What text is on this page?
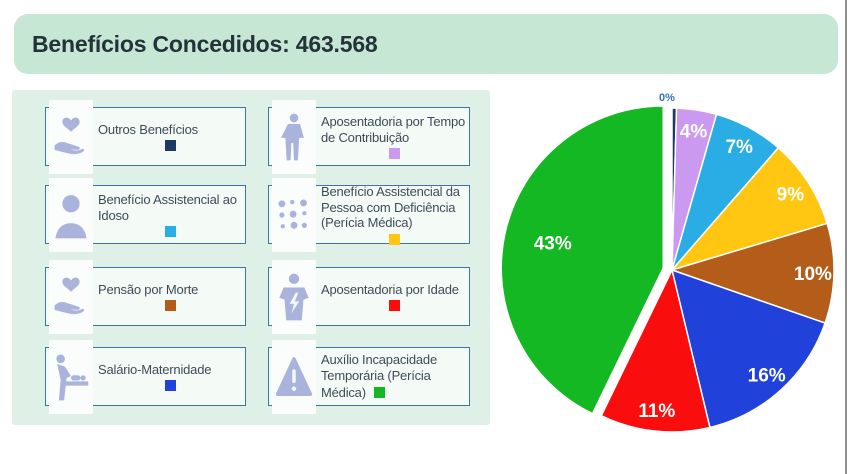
Benefícios Concedidos: 463.568
Outros Benefícios
Aposentadoria por Tempo de Contribuição
Benefício Assistencial ao Idoso
Benefício Assistencial da Pessoa com Deficiência (Perícia Médica)
Pensão por Morte	Aposentadoria por Idade
Salário-Maternidade
Auxílio Incapacidade Temporária (Perícia Médica)
0%
4%
7%
9%
10%
16%
11%
43%
